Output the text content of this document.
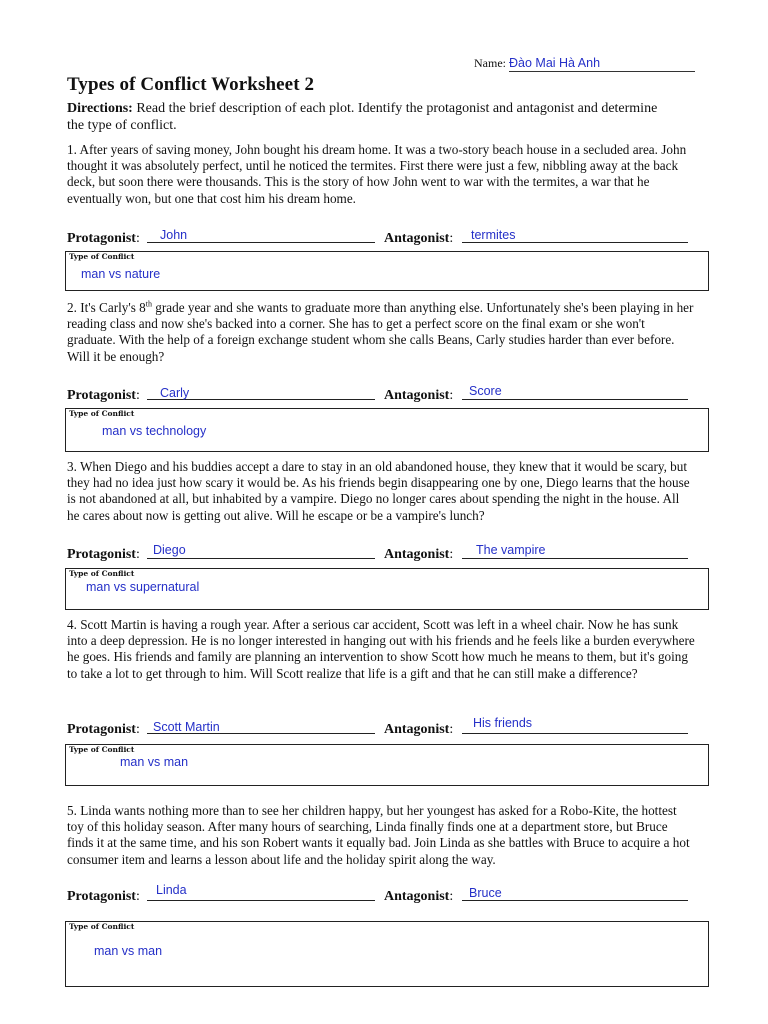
Name: Đào Mai Hà Anh
Types of Conflict Worksheet 2
Directions: Read the brief description of each plot. Identify the protagonist and antagonist and determine the type of conflict.
1. After years of saving money, John bought his dream home. It was a two-story beach house in a secluded area. John thought it was absolutely perfect, until he noticed the termites. First there were just a few, nibbling away at the back deck, but soon there were thousands. This is the story of how John went to war with the termites, a war that he eventually won, but one that cost him his dream home.
Protagonist: John	Antagonist: termites
Type of Conflict
man vs nature
2. It's Carly's 8th grade year and she wants to graduate more than anything else. Unfortunately she's been playing in her reading class and now she's backed into a corner. She has to get a perfect score on the final exam or she won't graduate. With the help of a foreign exchange student whom she calls Beans, Carly studies harder than ever before. Will it be enough?
Protagonist: Carly	Antagonist: Score
Type of Conflict
man vs technology
3. When Diego and his buddies accept a dare to stay in an old abandoned house, they knew that it would be scary, but they had no idea just how scary it would be. As his friends begin disappearing one by one, Diego learns that the house is not abandoned at all, but inhabited by a vampire. Diego no longer cares about spending the night in the house. All he cares about now is getting out alive. Will he escape or be a vampire's lunch?
Protagonist: Diego	Antagonist: The vampire
Type of Conflict
man vs supernatural
4. Scott Martin is having a rough year. After a serious car accident, Scott was left in a wheel chair. Now he has sunk into a deep depression. He is no longer interested in hanging out with his friends and he feels like a burden everywhere he goes. His friends and family are planning an intervention to show Scott how much he means to them, but it's going to take a lot to get through to him. Will Scott realize that life is a gift and that he can still make a difference?
Protagonist: Scott Martin	Antagonist: His friends
Type of Conflict
man vs man
5. Linda wants nothing more than to see her children happy, but her youngest has asked for a Robo-Kite, the hottest toy of this holiday season. After many hours of searching, Linda finally finds one at a department store, but Bruce finds it at the same time, and his son Robert wants it equally bad. Join Linda as she battles with Bruce to acquire a hot consumer item and learns a lesson about life and the holiday spirit along the way.
Protagonist: Linda	Antagonist: Bruce
Type of Conflict
man vs man
